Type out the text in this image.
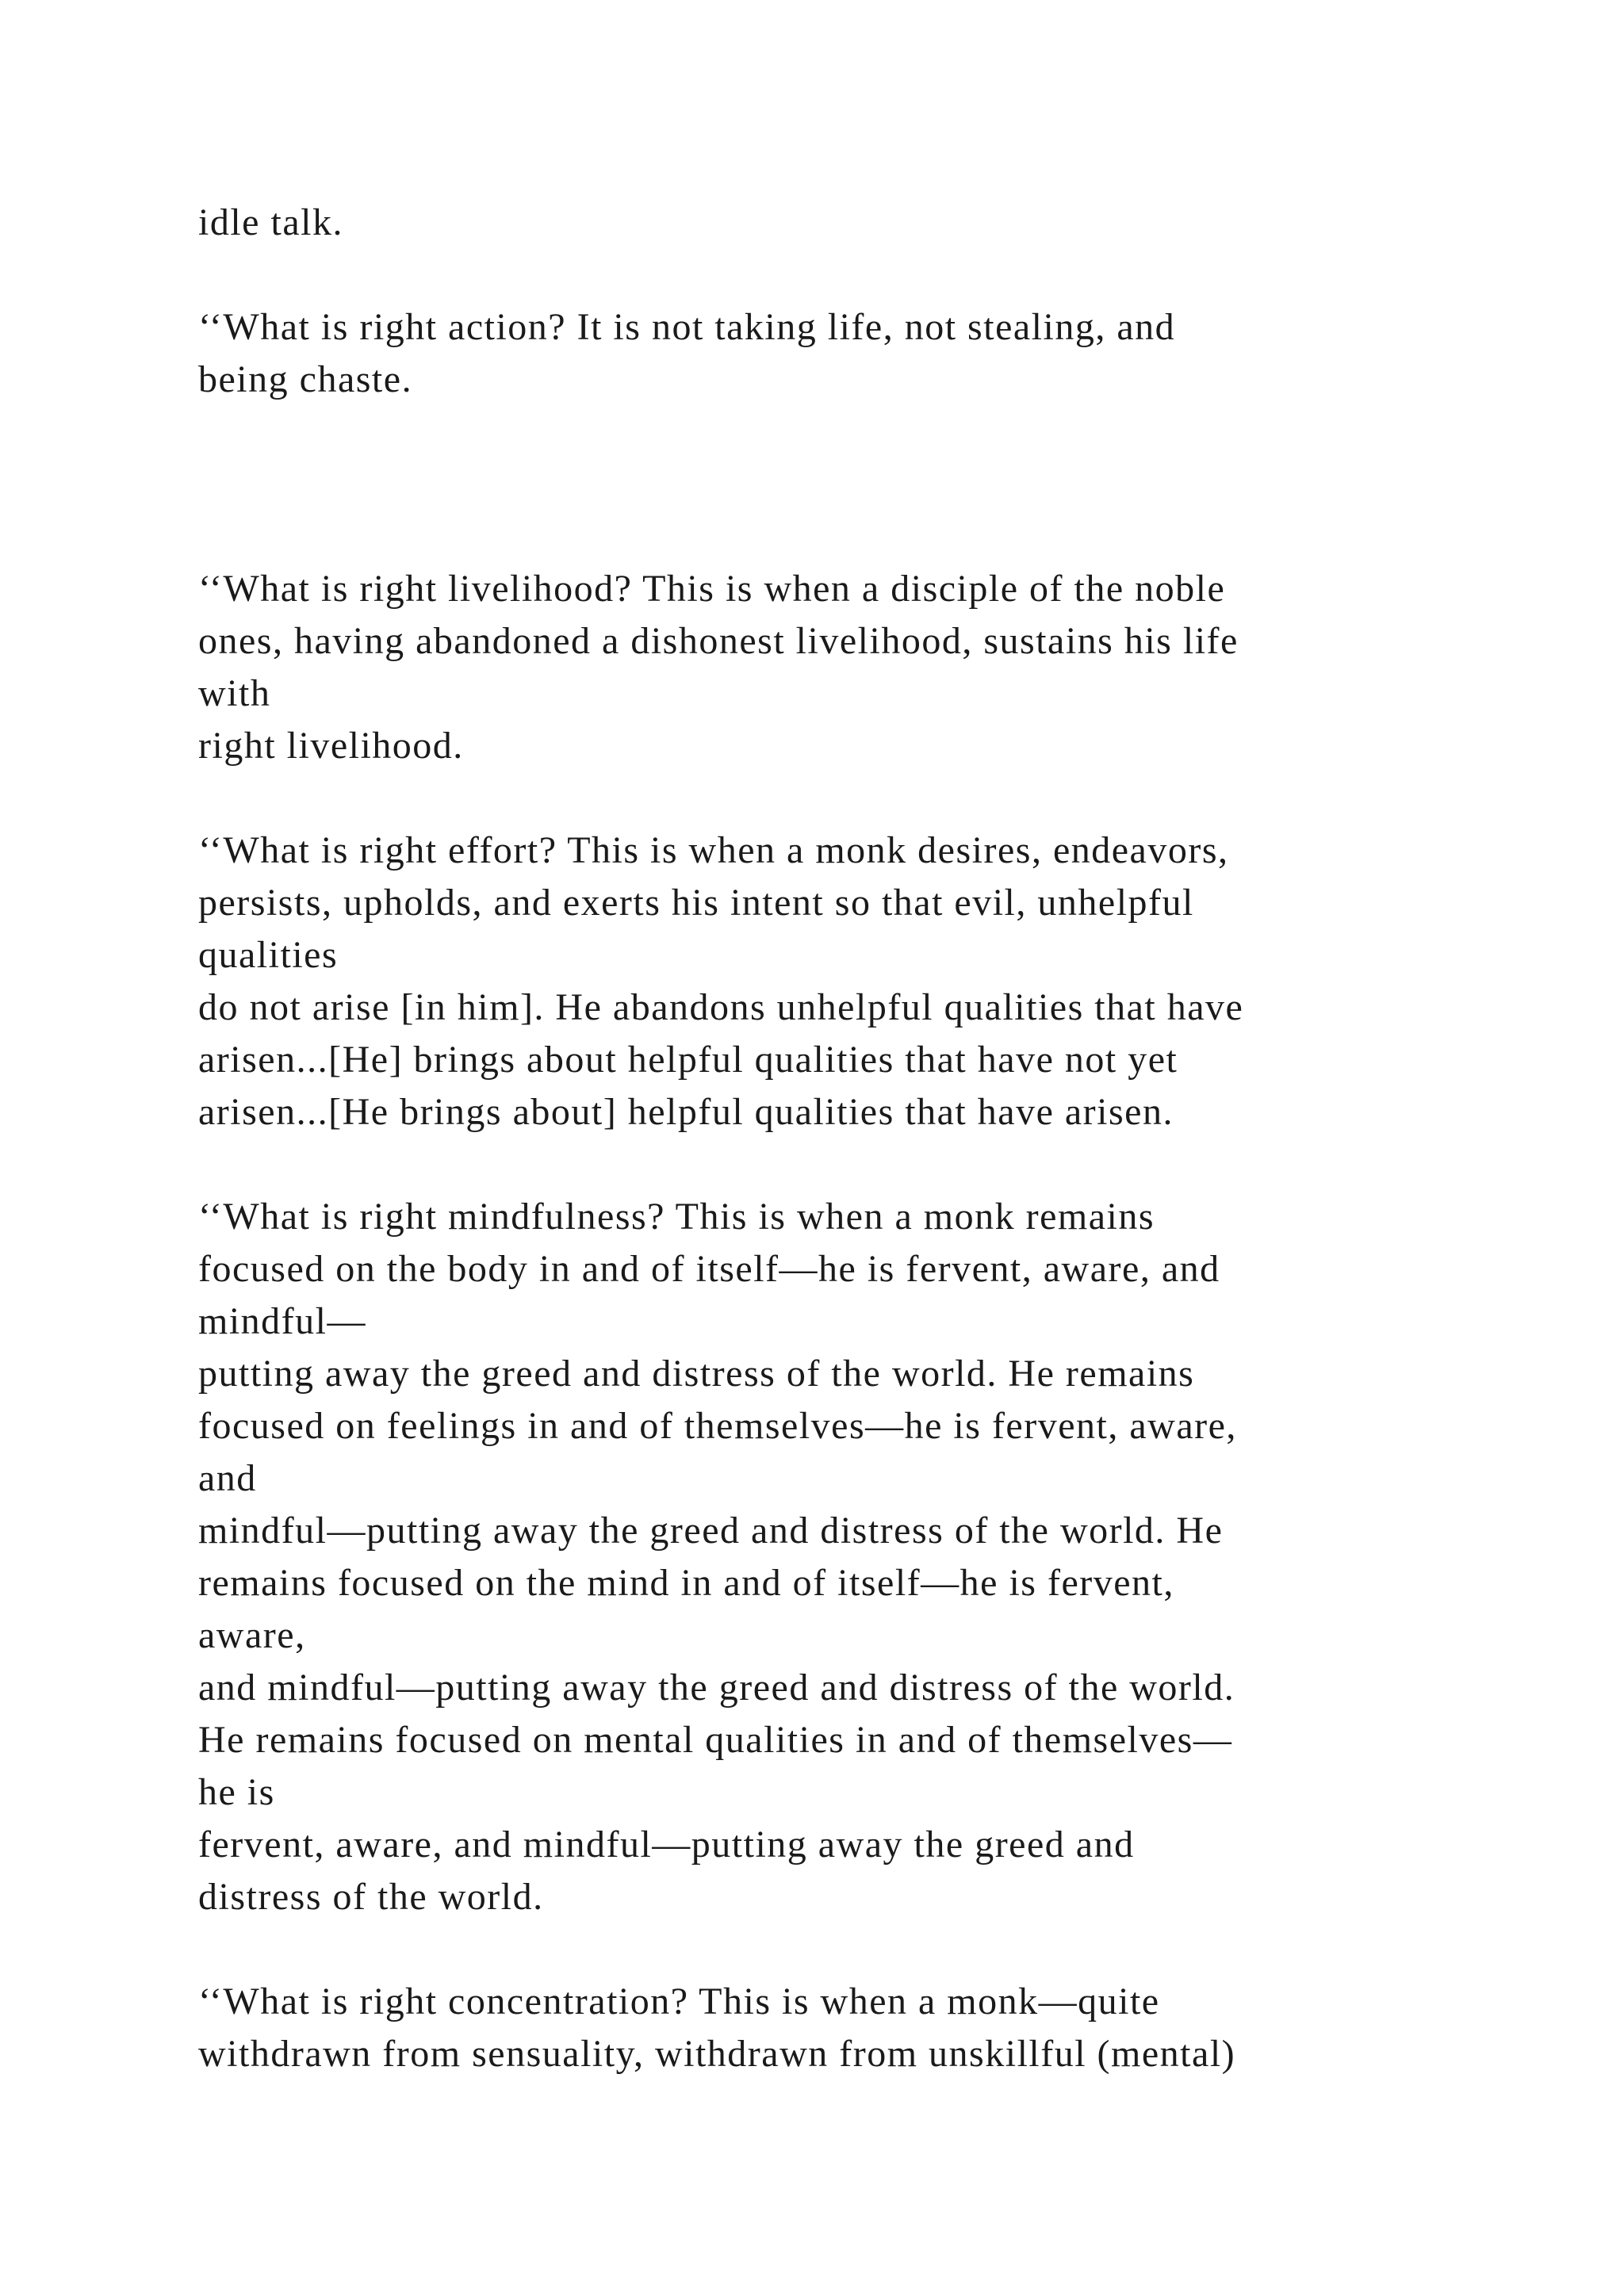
idle talk.
‘‘What is right action? It is not taking life, not stealing, and
being chaste.
‘‘What is right livelihood? This is when a disciple of the noble
ones, having abandoned a dishonest livelihood, sustains his life
with
right livelihood.
‘‘What is right effort? This is when a monk desires, endeavors,
persists, upholds, and exerts his intent so that evil, unhelpful
qualities
do not arise [in him]. He abandons unhelpful qualities that have
arisen...[He] brings about helpful qualities that have not yet
arisen...[He brings about] helpful qualities that have arisen.
‘‘What is right mindfulness? This is when a monk remains
focused on the body in and of itself—he is fervent, aware, and
mindful—
putting away the greed and distress of the world. He remains
focused on feelings in and of themselves—he is fervent, aware,
and
mindful—putting away the greed and distress of the world. He
remains focused on the mind in and of itself—he is fervent,
aware,
and mindful—putting away the greed and distress of the world.
He remains focused on mental qualities in and of themselves—
he is
fervent, aware, and mindful—putting away the greed and
distress of the world.
‘‘What is right concentration? This is when a monk—quite
withdrawn from sensuality, withdrawn from unskillful (mental)
